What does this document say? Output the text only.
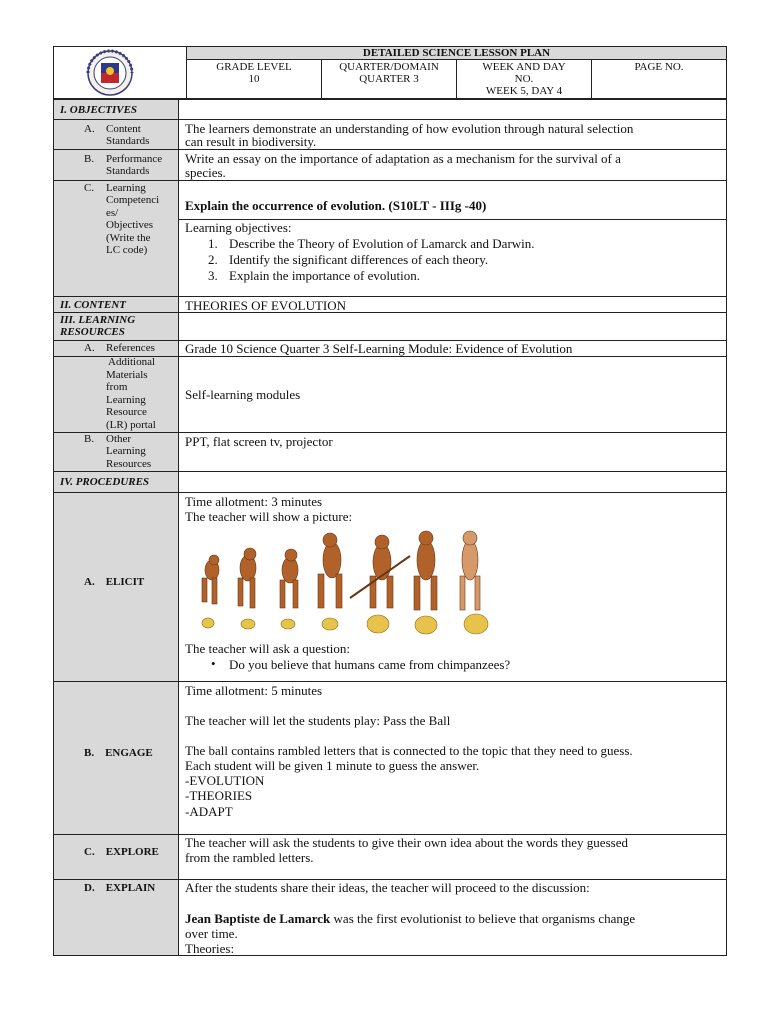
DETAILED SCIENCE LESSON PLAN
GRADE LEVEL
10
QUARTER/DOMAIN
QUARTER 3
WEEK AND DAY
NO.
WEEK 5, DAY 4
PAGE NO.
I. OBJECTIVES
A. Content
Standards
The learners demonstrate an understanding of how evolution through natural selection
can result in biodiversity.
B. Performance
Standards
Write an essay on the importance of adaptation as a mechanism for the survival of a
species.
C. Learning
Competenci
es/
Objectives
(Write the
LC code)
Explain the occurrence of evolution. (S10LT - IIIg -40)
Learning objectives:
1. Describe the Theory of Evolution of Lamarck and Darwin.
2. Identify the significant differences of each theory.
3. Explain the importance of evolution.
II. CONTENT	THEORIES OF EVOLUTION
III. LEARNING
RESOURCES
A. References Grade 10 Science Quarter 3 Self-Learning Module: Evidence of Evolution
Additional
Materials
from
Learning
Resource
(LR) portal
Self-learning modules
B. Other
Learning
Resources
PPT, flat screen tv, projector
IV. PROCEDURES
A.    ELICIT
Time allotment: 3 minutes
The teacher will show a picture:
The teacher will ask a question:
• Do you believe that humans came from chimpanzees?
B.    ENGAGE
Time allotment: 5 minutes
The teacher will let the students play: Pass the Ball
The ball contains rambled letters that is connected to the topic that they need to guess.
Each student will be given 1 minute to guess the answer.
-EVOLUTION
-THEORIES
-ADAPT
C.    EXPLORE
The teacher will ask the students to give their own idea about the words they guessed
from the rambled letters.
D.    EXPLAIN After the students share their ideas, the teacher will proceed to the discussion:
Jean Baptiste de Lamarck was the first evolutionist to believe that organisms change
over time.
Theories:
